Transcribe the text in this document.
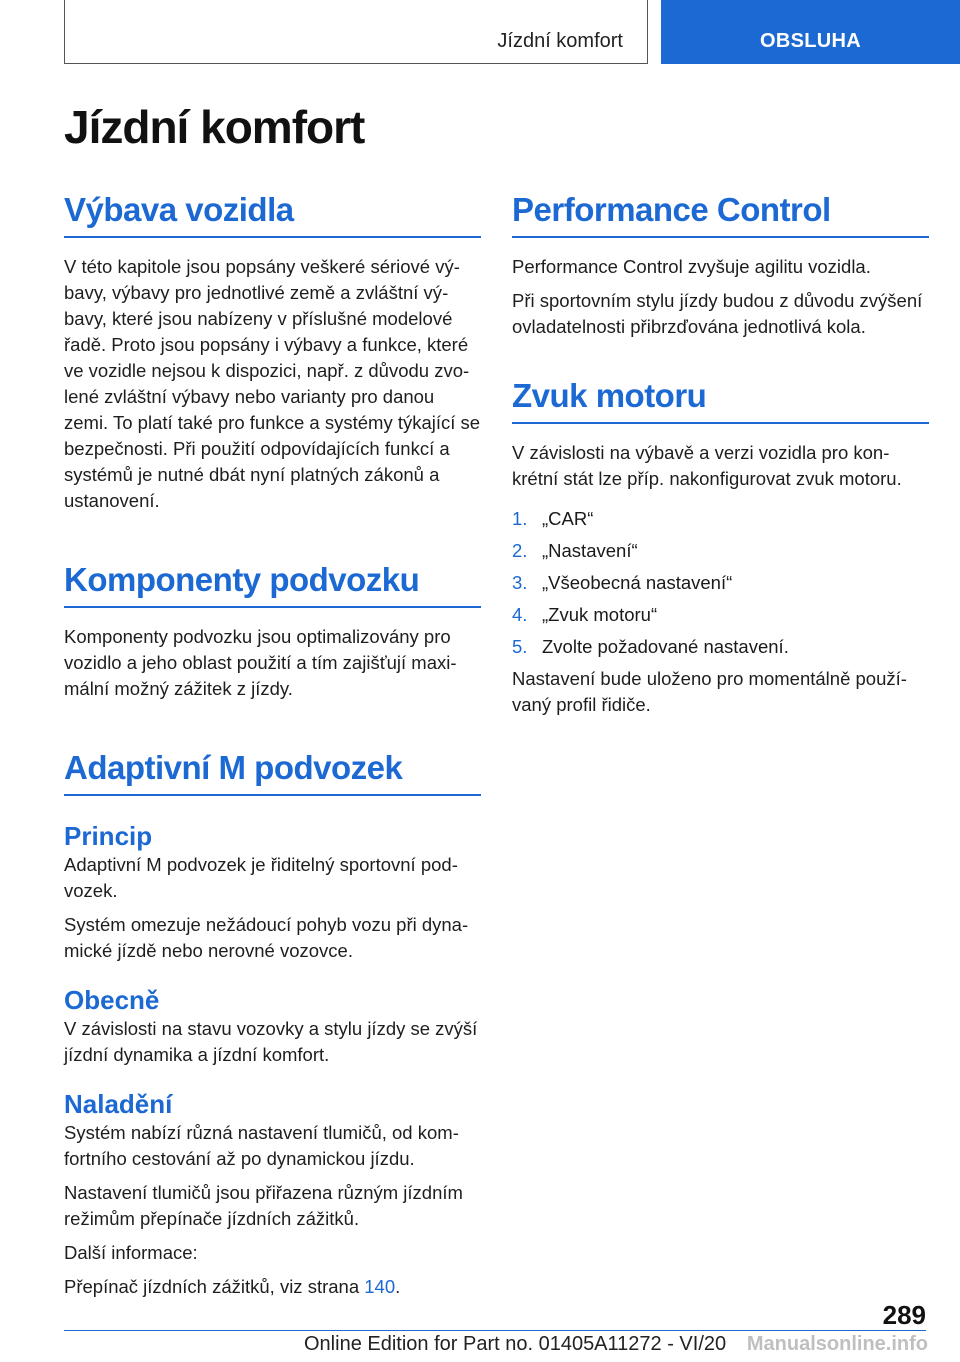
Jízdní komfort	OBSLUHA
Jízdní komfort
Výbava vozidla

V této kapitole jsou popsány veškeré sériové výbavy, výbavy pro jednotlivé země a zvláštní výbavy, které jsou nabízeny v příslušné modelové řadě. Proto jsou popsány i výbavy a funkce, které ve vozidle nejsou k dispozici, např. z důvodu zvolené zvláštní výbavy nebo varianty pro danou zemi. To platí také pro funkce a systémy týkající se bezpečnosti. Při použití odpovídajících funkcí a systémů je nutné dbát nyní platných zákonů a ustanovení.

Komponenty podvozku

Komponenty podvozku jsou optimalizovány pro vozidlo a jeho oblast použití a tím zajišťují maximální možný zážitek z jízdy.

Adaptivní M podvozek
Princip

Adaptivní M podvozek je řiditelný sportovní podvozek.

Systém omezuje nežádoucí pohyb vozu při dynamické jízdě nebo nerovné vozovce.

Obecně

V závislosti na stavu vozovky a stylu jízdy se zvýší jízdní dynamika a jízdní komfort.

Naladění

Systém nabízí různá nastavení tlumičů, od komfortního cestování až po dynamickou jízdu.

Nastavení tlumičů jsou přiřazena různým jízdním režimům přepínače jízdních zážitků.

Další informace:

Přepínač jízdních zážitků, viz strana 140.

Performance Control

Performance Control zvyšuje agilitu vozidla.

Při sportovním stylu jízdy budou z důvodu zvýšení ovladatelnosti přibrzďována jednotlivá kola.

Zvuk motoru

V závislosti na výbavě a verzi vozidla pro konkrétní stát lze příp. nakonfigurovat zvuk motoru.

1. „CAR“
2. „Nastavení“
3. „Všeobecná nastavení“
4. „Zvuk motoru“
5. Zvolte požadované nastavení.

Nastavení bude uloženo pro momentálně používaný profil řidiče.

289
Online Edition for Part no. 01405A11272 - VI/20 Manualsonline.info
